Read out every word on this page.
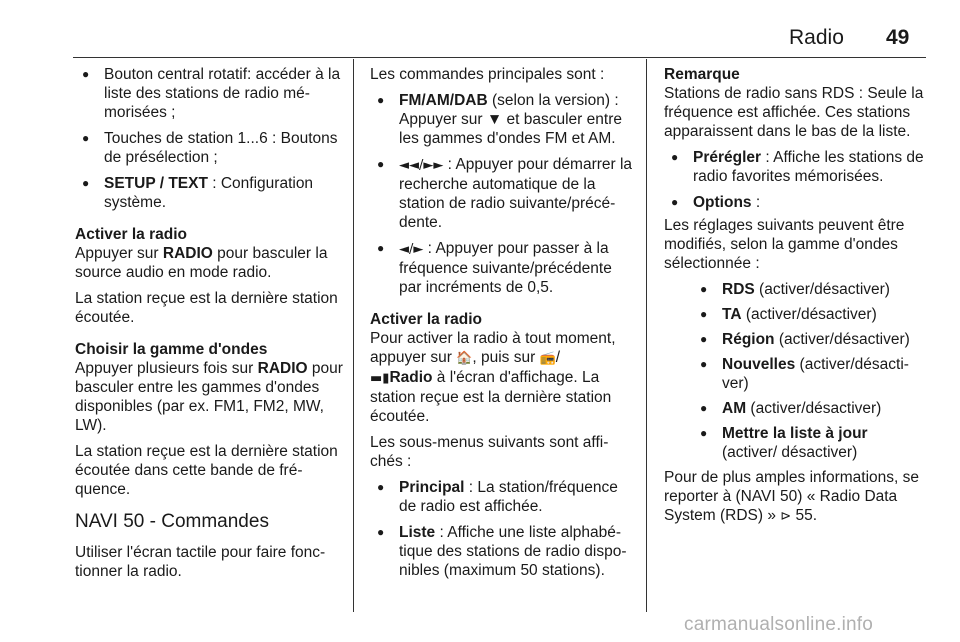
Radio 49

● Bouton central rotatif: accéder à la liste des stations de radio mémorisées ;

● Touches de station 1...6 : Boutons de présélection ;

● SETUP / TEXT : Configuration système.

Activer la radio

Appuyer sur RADIO pour basculer la source audio en mode radio.

La station reçue est la dernière station écoutée.

Choisir la gamme d'ondes

Appuyer plusieurs fois sur RADIO pour basculer entre les gammes d'ondes disponibles (par ex. FM1, FM2, MW, LW).

La station reçue est la dernière station écoutée dans cette bande de fréquence.

NAVI 50 - Commandes

Utiliser l'écran tactile pour faire fonctionner la radio.

Les commandes principales sont :

● FM/AM/DAB (selon la version) : Appuyer sur ▼ et basculer entre les gammes d'ondes FM et AM.

● ◄◄/►► : Appuyer pour démarrer la recherche automatique de la station de radio suivante/précédente.

● ◄/► : Appuyer pour passer à la fréquence suivante/précédente par incréments de 0,5.

Activer la radio

Pour activer la radio à tout moment, appuyer sur 🏠, puis sur 📻/
▬▮Radio à l'écran d'affichage. La station reçue est la dernière station écoutée.

Les sous-menus suivants sont affichés :

● Principal : La station/fréquence de radio est affichée.

● Liste : Affiche une liste alphabétique des stations de radio disponibles (maximum 50 stations).

Remarque

Stations de radio sans RDS : Seule la fréquence est affichée. Ces stations apparaissent dans le bas de la liste.

● Prérégler : Affiche les stations de radio favorites mémorisées.

● Options :

Les réglages suivants peuvent être modifiés, selon la gamme d'ondes sélectionnée :

● RDS (activer/désactiver)

● TA (activer/désactiver)

● Région (activer/désactiver)

● Nouvelles (activer/désactiver)

● AM (activer/désactiver)

● Mettre la liste à jour (activer/ désactiver)

Pour de plus amples informations, se reporter à (NAVI 50) « Radio Data System (RDS) » ⊳ 55.

carmanualsonline.info
